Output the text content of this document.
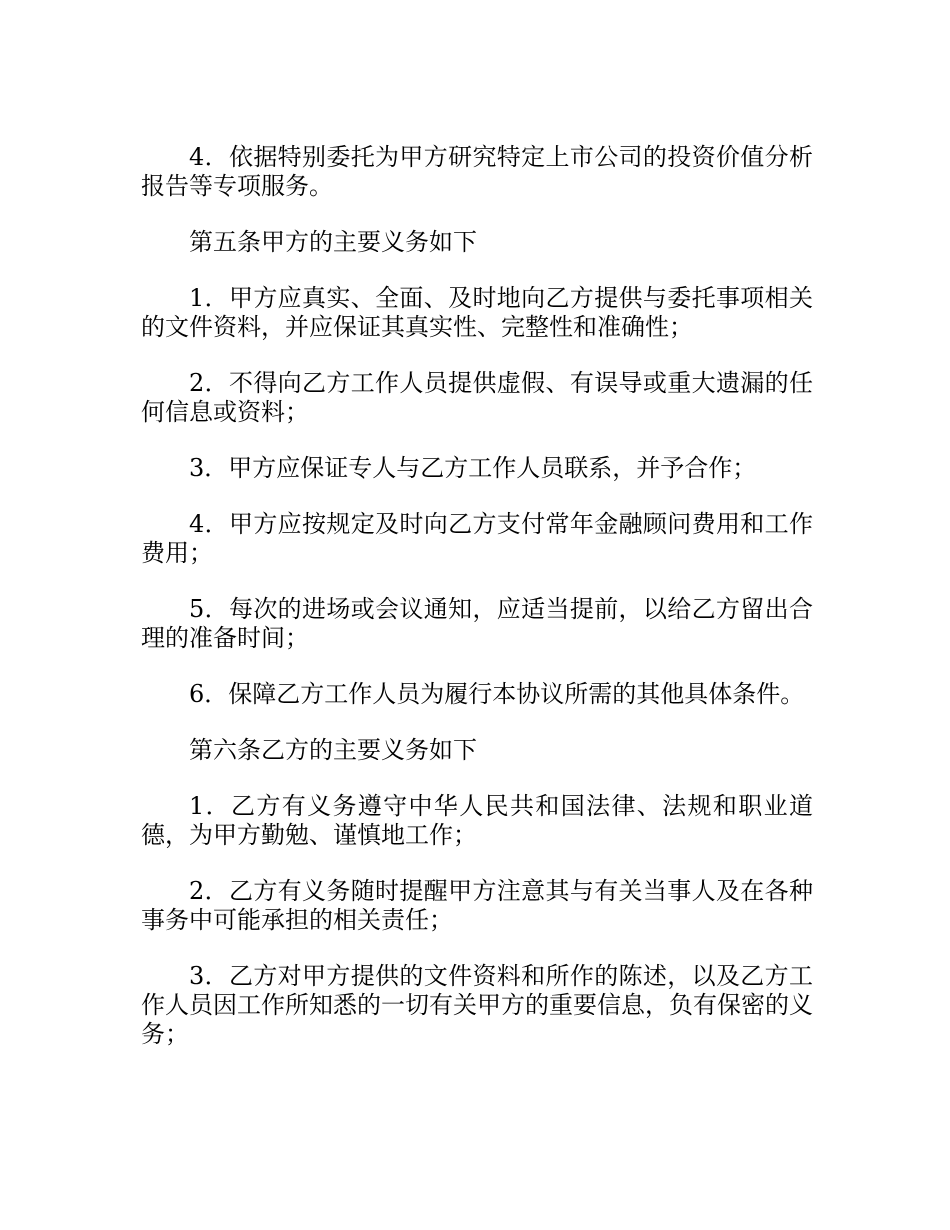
4．依据特别委托为甲方研究特定上市公司的投资价值分析报告等专项服务。

第五条甲方的主要义务如下

1．甲方应真实、全面、及时地向乙方提供与委托事项相关的文件资料，并应保证其真实性、完整性和准确性；

2．不得向乙方工作人员提供虚假、有误导或重大遗漏的任何信息或资料；

3．甲方应保证专人与乙方工作人员联系，并予合作；

4．甲方应按规定及时向乙方支付常年金融顾问费用和工作费用；

5．每次的进场或会议通知，应适当提前，以给乙方留出合理的准备时间；

6．保障乙方工作人员为履行本协议所需的其他具体条件。

第六条乙方的主要义务如下

1．乙方有义务遵守中华人民共和国法律、法规和职业道德，为甲方勤勉、谨慎地工作；

2．乙方有义务随时提醒甲方注意其与有关当事人及在各种事务中可能承担的相关责任；

3．乙方对甲方提供的文件资料和所作的陈述，以及乙方工作人员因工作所知悉的一切有关甲方的重要信息，负有保密的义务；
